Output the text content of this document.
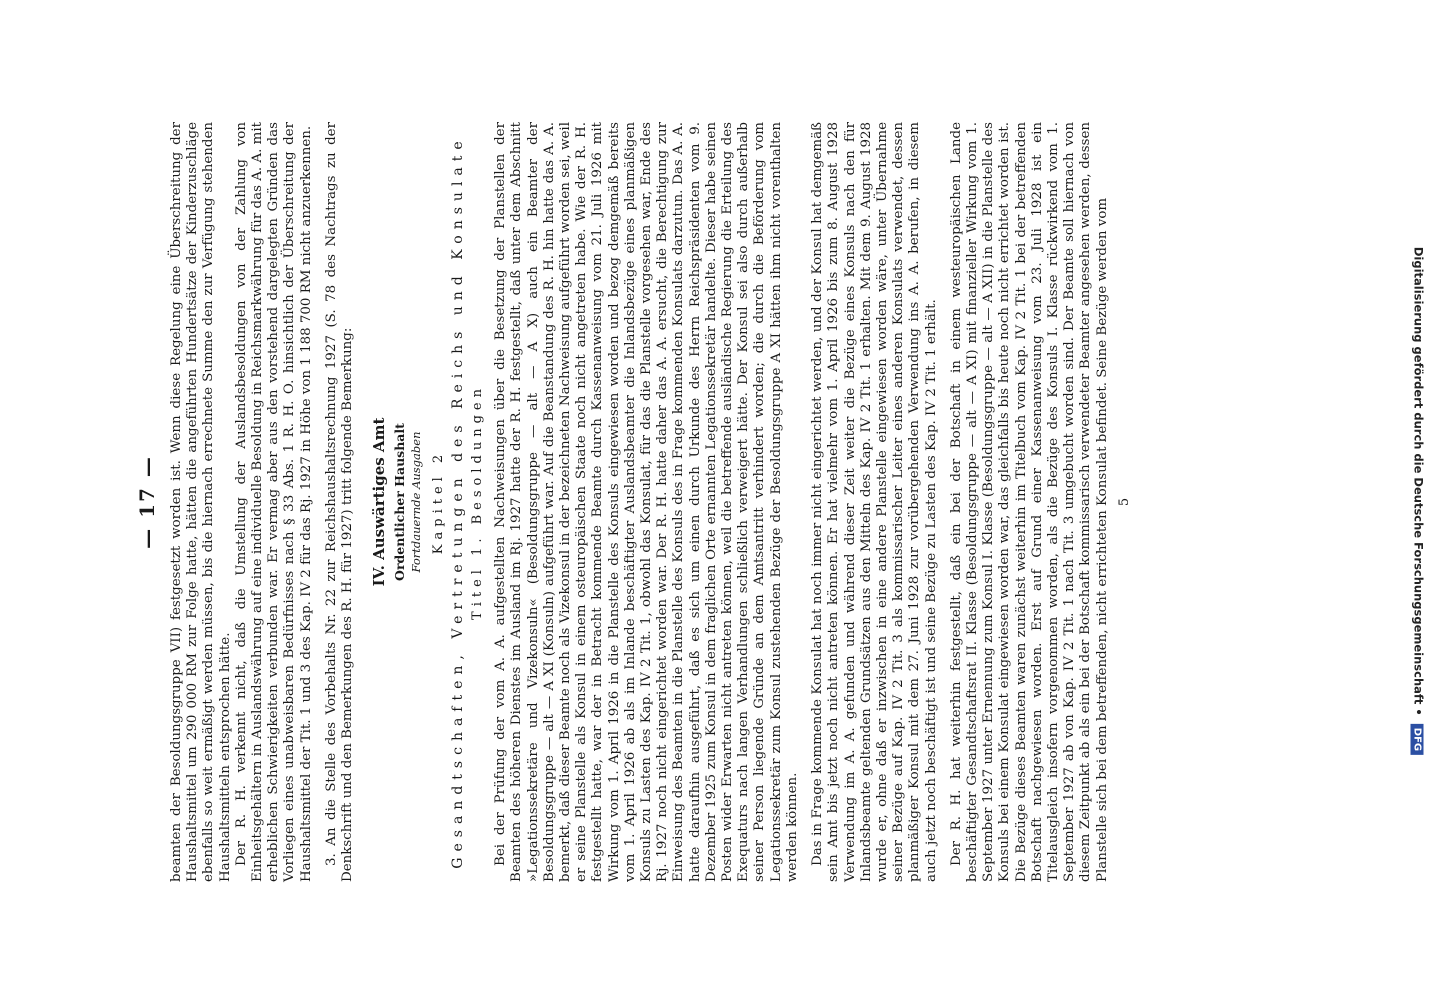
— 17 — beamten der Besoldungsgruppe VII) festgesetzt worden ist. Wenn diese Regelung eine Überschreitung der Haushaltsmittel um 290 000 RM zur Folge hatte, hätten die angeführten Hundertsätze der Kinderzuschläge ebenfalls so weit ermäßigt werden müssen, bis die hiernach errechnete Summe den zur Verfügung stehenden Haushaltsmitteln entsprochen hätte. Der R. H. verkennt nicht, daß die Umstellung der Auslandsbesoldungen von der Zahlung von Einheitsgehältern in Auslandswährung auf eine individuelle Besoldung in Reichsmarkwährung für das A. A. mit erheblichen Schwierigkeiten verbunden war. Er vermag aber aus den vorstehend dargelegten Gründen das Vorliegen eines unabweisbaren Bedürfnisses nach § 33 Abs. 1 R. H. O. hinsichtlich der Überschreitung der Haushaltsmittel der Tit. 1 und 3 des Kap. IV 2 für das Rj. 1927 in Höhe von 1 188 700 RM nicht anzuerkennen. 3. An die Stelle des Vorbehalts Nr. 22 zur Reichshaushaltsrechnung 1927 (S. 78 des Nachtrags zu der Denkschrift und den Bemerkungen des R. H. für 1927) tritt folgende Bemerkung: IV. Auswärtiges Amt Ordentlicher Haushalt Fortdauernde Ausgaben Kapitel 2 Gesandtschaften, Vertretungen des Reichs und Konsulate Titel 1. Besoldungen Bei der Prüfung der vom A. A. aufgestellten Nachweisungen über die Besetzung der Planstellen der Beamten des höheren Dienstes im Ausland im Rj. 1927 hatte der R. H. festgestellt, daß unter dem Abschnitt »Legationssekretäre und Vizekonsuln« (Besoldungsgruppe — alt — A X) auch ein Beamter der Besoldungsgruppe — alt — A XI (Konsuln) aufgeführt war. Auf die Beanstandung des R. H. hin hatte das A. A. bemerkt, daß dieser Beamte noch als Vizekonsul in der bezeichneten Nachweisung aufgeführt worden sei, weil er seine Planstelle als Konsul in einem osteuropäischen Staate noch nicht angetreten habe. Wie der R. H. festgestellt hatte, war der in Betracht kommende Beamte durch Kassenanweisung vom 21. Juli 1926 mit Wirkung vom 1. April 1926 in die Planstelle des Konsuls eingewiesen worden und bezog demgemäß bereits vom 1. April 1926 ab als im Inlande beschäftigter Auslandsbeamter die Inlandsbezüge eines planmäßigen Konsuls zu Lasten des Kap. IV 2 Tit. 1, obwohl das Konsulat, für das die Planstelle vorgesehen war, Ende des Rj. 1927 noch nicht eingerichtet worden war. Der R. H. hatte daher das A. A. ersucht, die Berechtigung zur Einweisung des Beamten in die Planstelle des Konsuls des in Frage kommenden Konsulats darzutun. Das A. A. hatte daraufhin ausgeführt, daß es sich um einen durch Urkunde des Herrn Reichspräsidenten vom 9. Dezember 1925 zum Konsul in dem fraglichen Orte ernannten Legationssekretär handelte. Dieser habe seinen Posten wider Erwarten nicht antreten können, weil die betreffende ausländische Regierung die Erteilung des Exequaturs nach langen Verhandlungen schließlich verweigert hätte. Der Konsul sei also durch außerhalb seiner Person liegende Gründe an dem Amtsantritt verhindert worden; die durch die Beförderung vom Legationssekretär zum Konsul zustehenden Bezüge der Besoldungsgruppe A XI hätten ihm nicht vorenthalten werden können. Das in Frage kommende Konsulat hat noch immer nicht eingerichtet werden, und der Konsul hat demgemäß sein Amt bis jetzt noch nicht antreten können. Er hat vielmehr vom 1. April 1926 bis zum 8. August 1928 Verwendung im A. A. gefunden und während dieser Zeit weiter die Bezüge eines Konsuls nach den für Inlandsbeamte geltenden Grundsätzen aus den Mitteln des Kap. IV 2 Tit. 1 erhalten. Mit dem 9. August 1928 wurde er, ohne daß er inzwischen in eine andere Planstelle eingewiesen worden wäre, unter Übernahme seiner Bezüge auf Kap. IV 2 Tit. 3 als kommissarischer Leiter eines anderen Konsulats verwendet, dessen planmäßiger Konsul mit dem 27. Juni 1928 zur vorübergehenden Verwendung ins A. A. berufen, in diesem auch jetzt noch beschäftigt ist und seine Bezüge zu Lasten des Kap. IV 2 Tit. 1 erhält. Der R. H. hat weiterhin festgestellt, daß ein bei der Botschaft in einem westeuropäischen Lande beschäftigter Gesandtschaftsrat II. Klasse (Besoldungsgruppe — alt — A XI) mit finanzieller Wirkung vom 1. September 1927 unter Ernennung zum Konsul I. Klasse (Besoldungsgruppe — alt — A XII) in die Planstelle des Konsuls bei einem Konsulat eingewiesen worden war, das gleichfalls bis heute noch nicht errichtet worden ist. Die Bezüge dieses Beamten waren zunächst weiterhin im Titelbuch vom Kap. IV 2 Tit. 1 bei der betreffenden Botschaft nachgewiesen worden. Erst auf Grund einer Kassenanweisung vom 23. Juli 1928 ist ein Titelausgleich insofern vorgenommen worden, als die Bezüge des Konsuls I. Klasse rückwirkend vom 1. September 1927 ab von Kap. IV 2 Tit. 1 nach Tit. 3 umgebucht worden sind. Der Beamte soll hiernach von diesem Zeitpunkt ab als ein bei der Botschaft kommissarisch verwendeter Beamter angesehen werden, dessen Planstelle sich bei dem betreffenden, nicht errichteten Konsulat befindet. Seine Bezüge werden vom 5	Digitalisierung gefördert durch die Deutsche Forschungsgemeinschaft • DFG
